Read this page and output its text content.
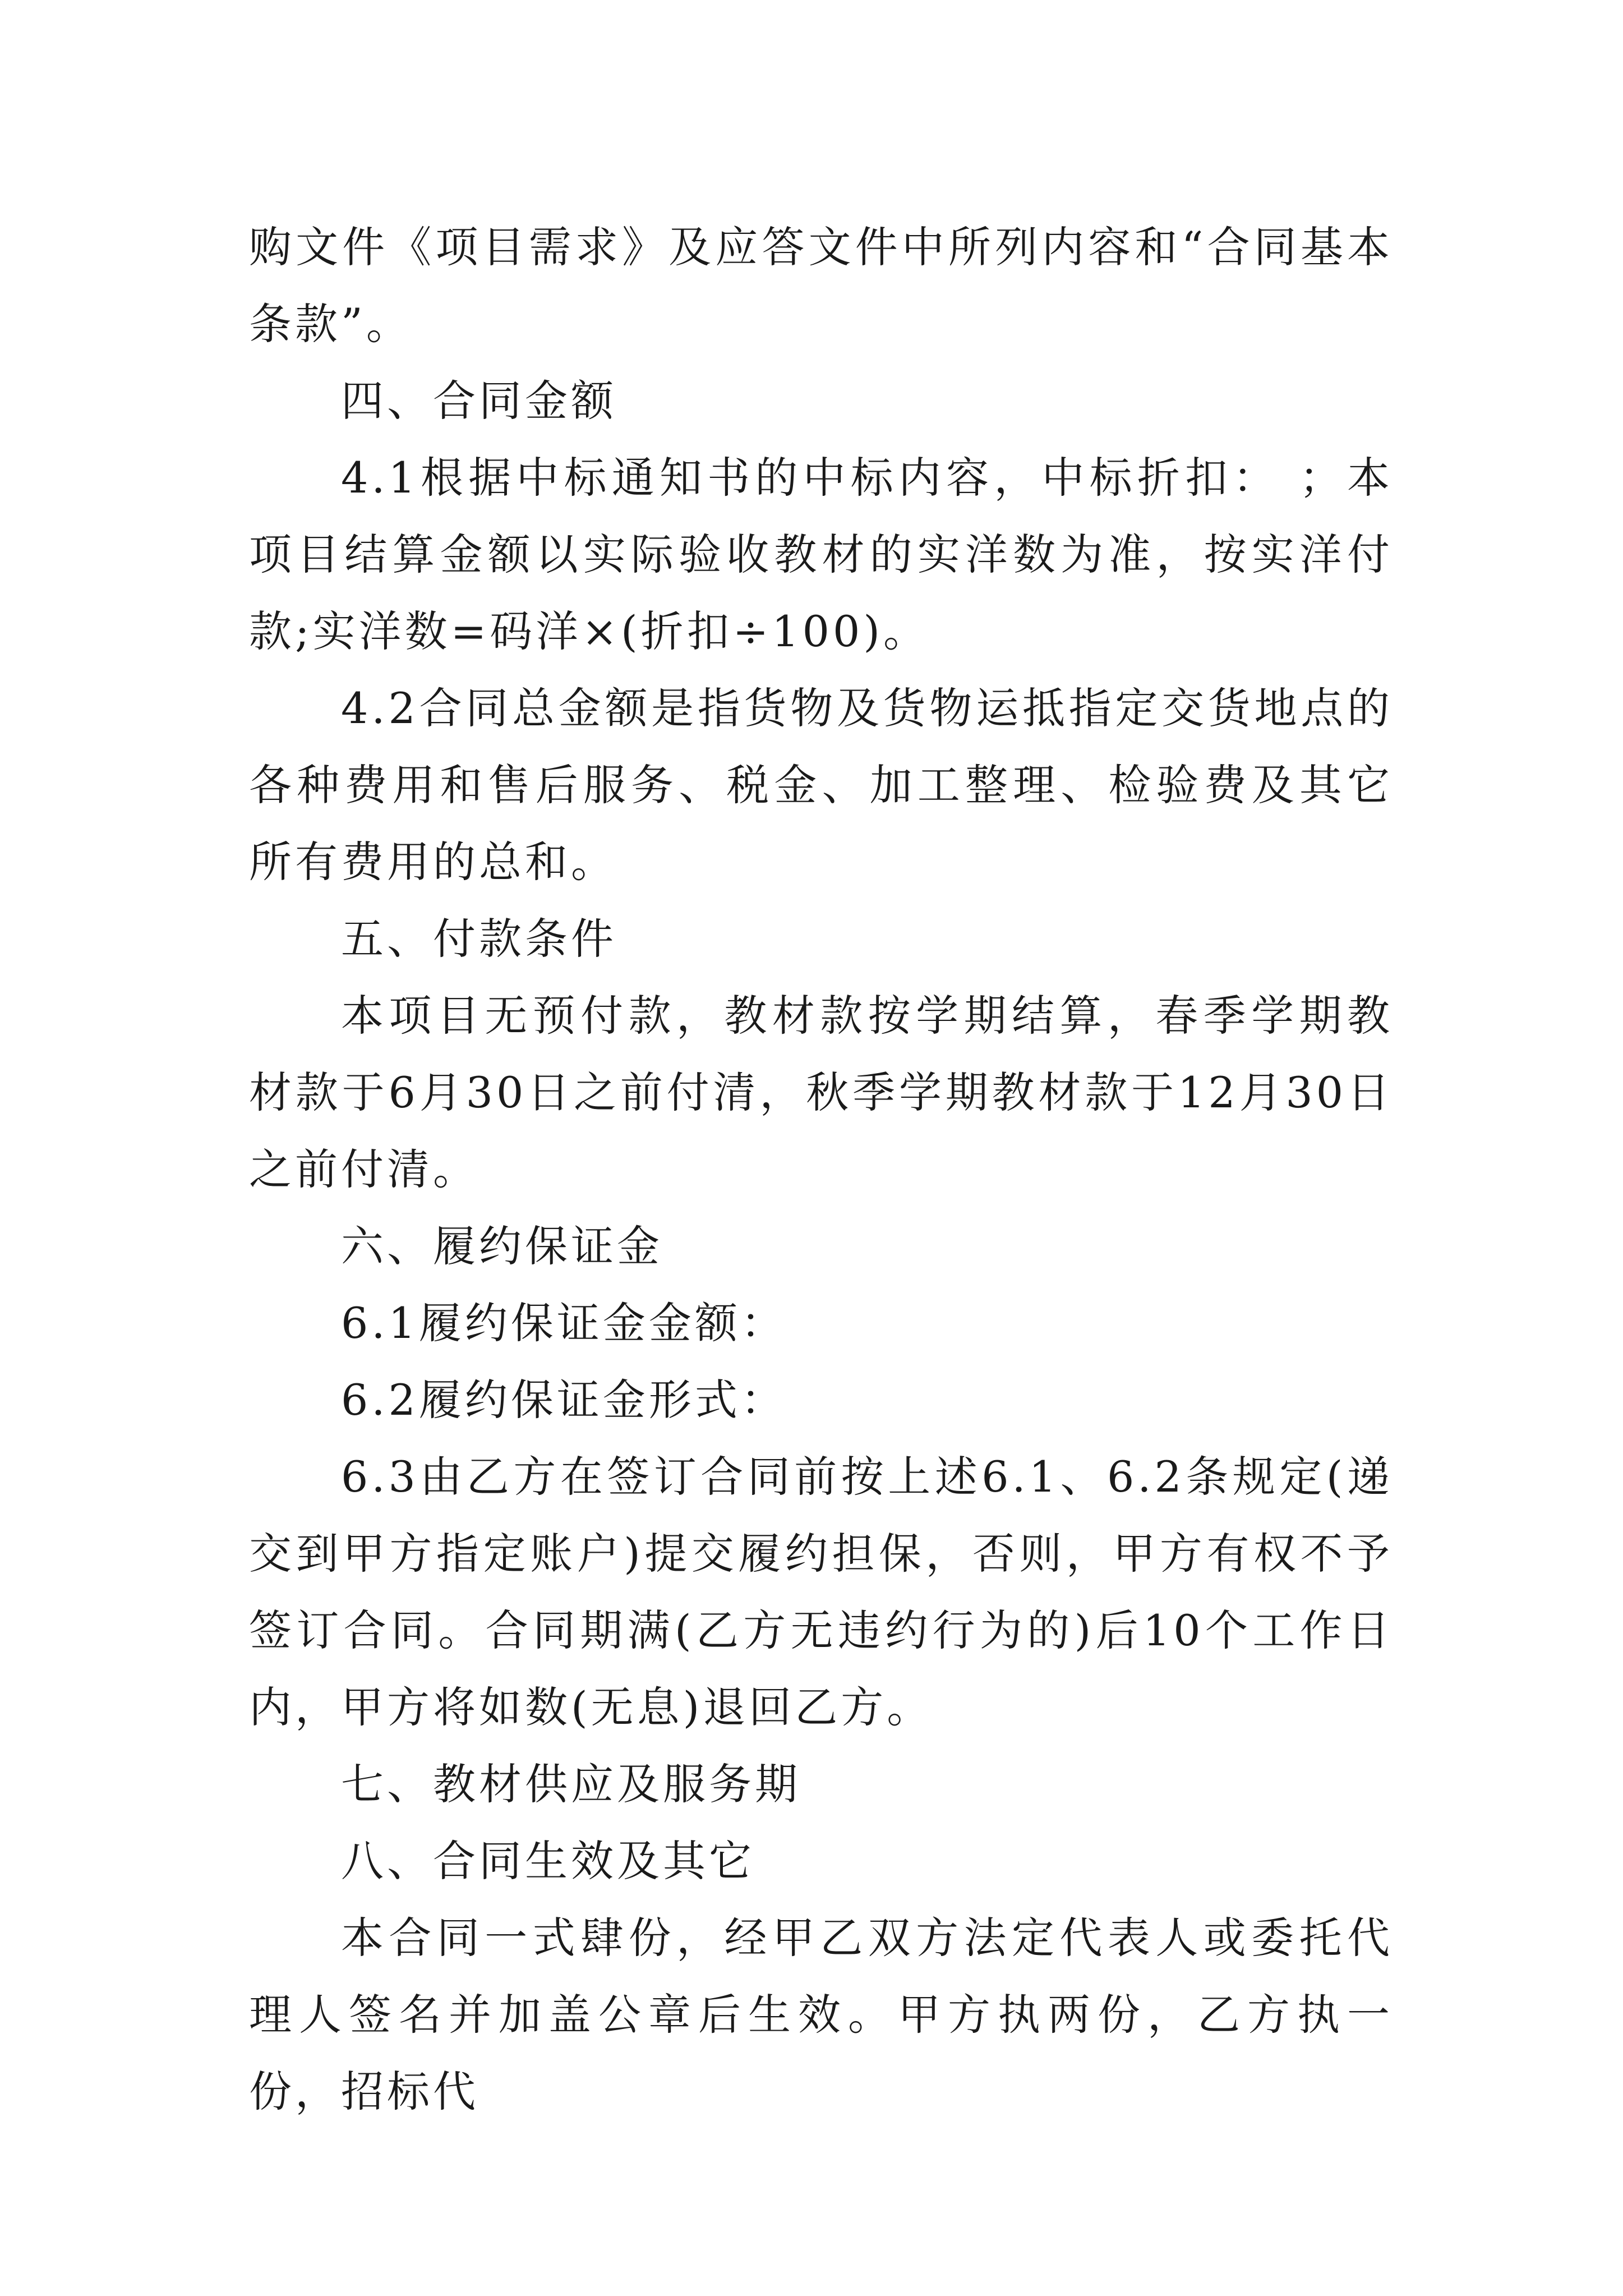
购文件《项目需求》及应答文件中所列内容和“合同基本条款”。

四、合同金额

4.1根据中标通知书的中标内容，中标折扣： ；本项目结算金额以实际验收教材的实洋数为准，按实洋付款;实洋数=码洋×(折扣÷100)。

4.2合同总金额是指货物及货物运抵指定交货地点的各种费用和售后服务、税金、加工整理、检验费及其它所有费用的总和。

五、付款条件

本项目无预付款，教材款按学期结算，春季学期教材款于6月30日之前付清，秋季学期教材款于12月30日之前付清。

六、履约保证金

6.1履约保证金金额：

6.2履约保证金形式：

6.3由乙方在签订合同前按上述6.1、6.2条规定(递交到甲方指定账户)提交履约担保，否则，甲方有权不予签订合同。合同期满(乙方无违约行为的)后10个工作日内，甲方将如数(无息)退回乙方。

七、教材供应及服务期

八、合同生效及其它

本合同一式肆份，经甲乙双方法定代表人或委托代理人签名并加盖公章后生效。甲方执两份，乙方执一份，招标代
